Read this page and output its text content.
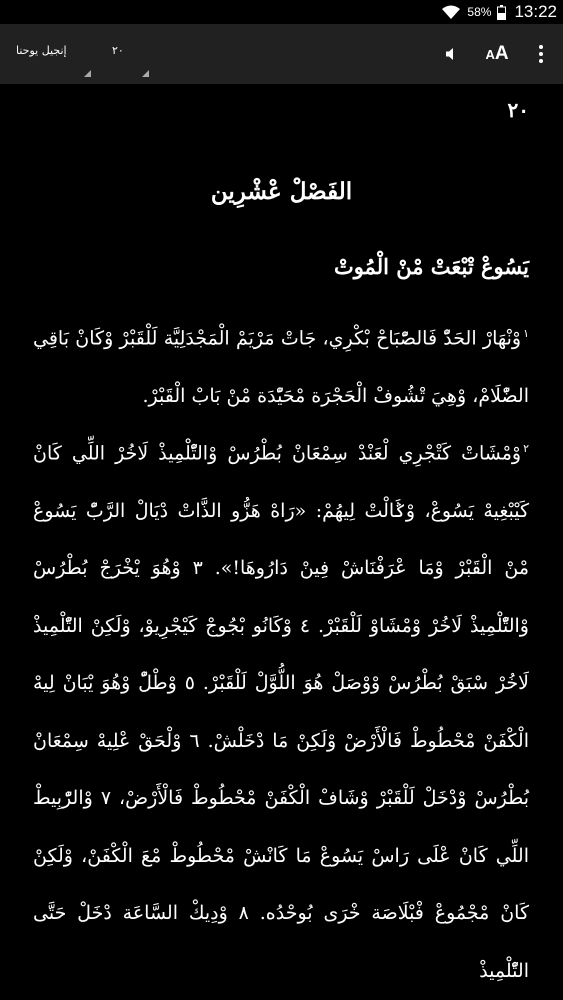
58% 13:22
إنجيل يوحنا	٢٠	A A
٢٠
الفَصْلْ عْشْرِين
يَسُوعْ تْبْعَتْ مْنْ الْمُوتْ
$^١$وْنْهَارْ الحَدّْ فَالصّْبَاحْ بْكْرِي، جَاتْ مَرْيَمْ الْمَجْدَلِيَّة لَلْقَبْرْ وْكَانْ بَاقِي الضّْلَامْ، وْهِيَ تْشُوفْ الْحَجْرَة مْحَيّْدَة مْنْ بَابْ الْقَبْرْ.
$^٢$وْمْشَاتْ كَتْجْرِي لْعَنْدْ سِمْعَانْ بُطْرُسْ وْالتّْلْمِيذْ لَاخُرْ اللِّي كَانْ كَيْبْغِيهْ يَسُوعْ، وْݣَالْتْ لِيهُمْ: «رَاهْ هَزُّو الذَّاتْ دْيَالْ الرَّبّْ يَسُوعْ مْنْ الْقَبْرْ وْمَا عْرَفْنَاشْ فِينْ دَارُوهَا!». ٣ وْهُوَ يْخْرَجْ بُطْرُسْ وْالتّْلْمِيذْ لَاخُرْ وْمْشَاوْ لَلْقَبْرْ. ٤ وْكَانُو بْجُوجْ كَيْجْرِيوْ، وْلَكِنْ التّْلْمِيذْ لَاخُرْ سْبَقْ بُطْرُسْ وْوْصَلْ هُوَ اللُّوَّلْ لَلْقَبْرْ. ٥ وْطْلّْ وْهُوَ يْبَانْ لِيهْ الْكْفَنْ مْحْطُوطْ فَالْأَرْضْ وْلَكِنْ مَا دْخَلْشْ. ٦ وْلْحَقْ عْلِيهْ سِمْعَانْ بُطْرُسْ وْدْخَلْ لَلْقَبْرْ وْشَافْ الْكْفَنْ مْحْطُوطْ فَالْأَرْضْ، ٧ وْالرّْبِيطْ اللِّي كَانْ عْلَى رَاسْ يَسُوعْ مَا كَانْشْ مْحْطُوطْ مْعَ الْكْفَنْ، وْلَكِنْ كَانْ مْجْمُوعْ فْبْلَاصَة خْرَى بُوحْدُه. ٨ وْدِيكْ السَّاعَة دْخَلْ حَتَّى التّْلْمِيذْ
